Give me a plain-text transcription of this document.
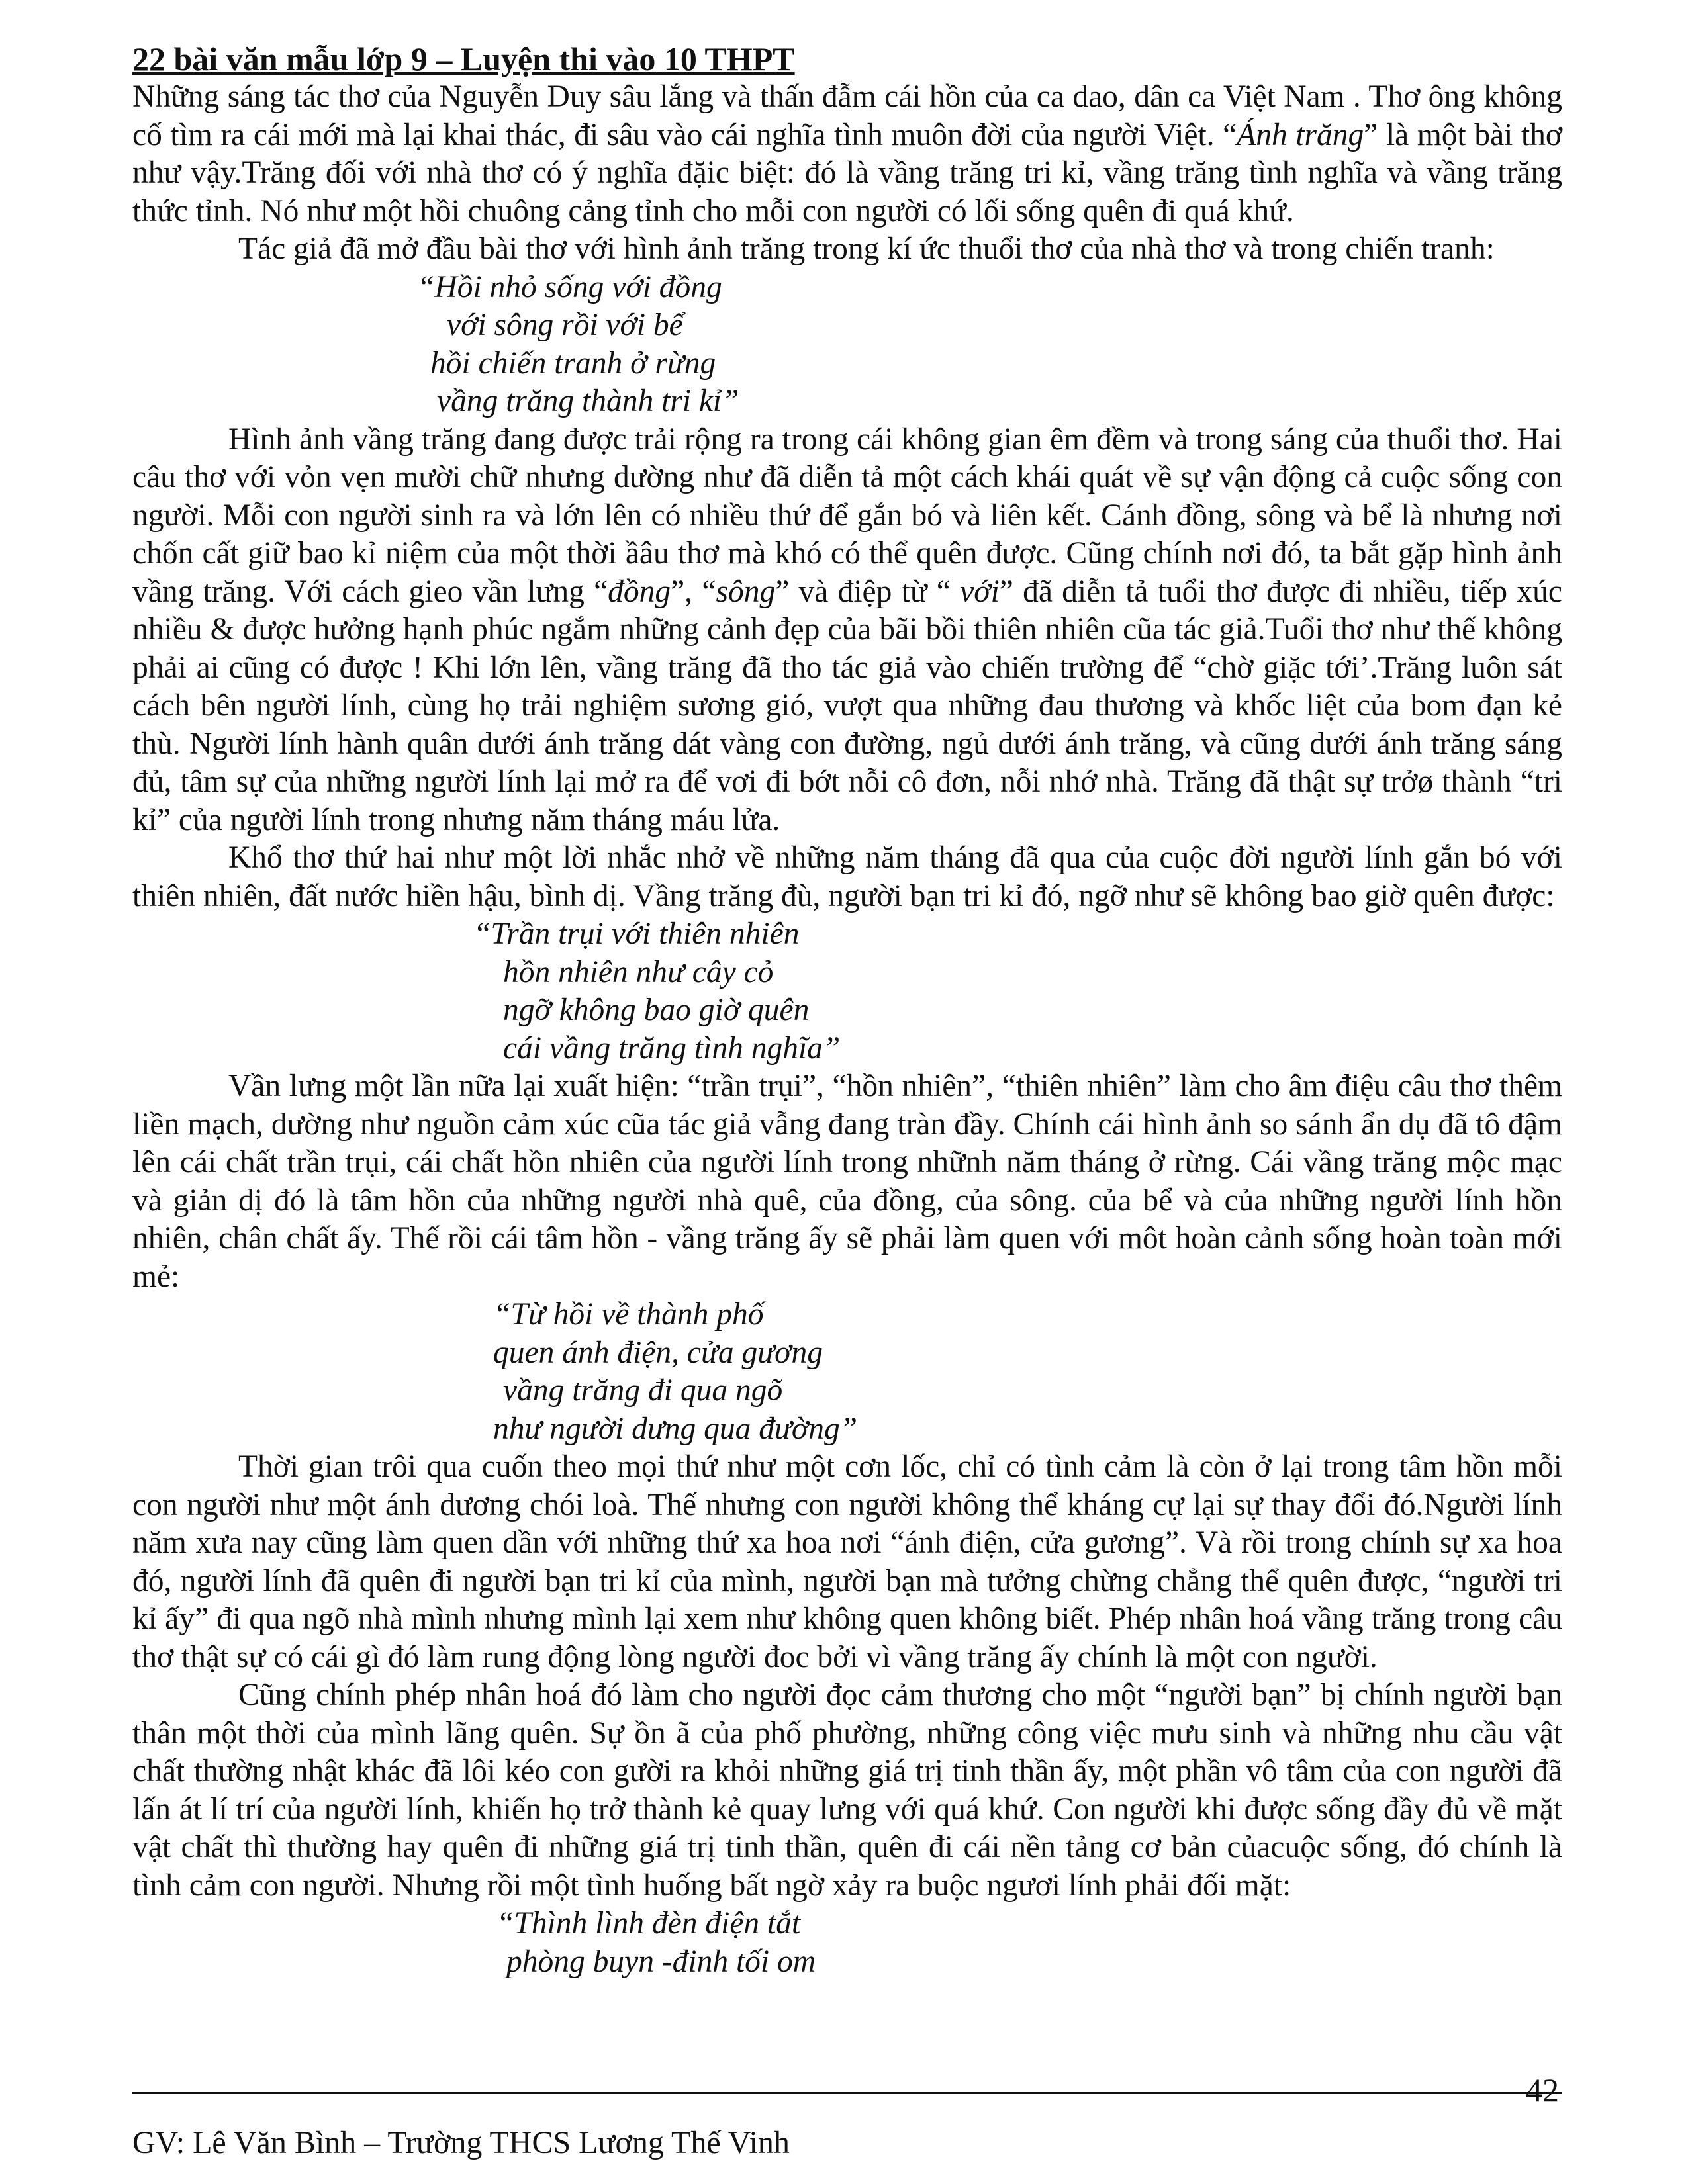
22 bài văn mẫu lớp 9 – Luyện thi vào 10 THPT

Những sáng tác thơ của Nguyễn Duy sâu lắng và thấn đẫm cái hồn của ca dao, dân ca Việt Nam . Thơ ông không cố tìm ra cái mới mà lại khai thác, đi sâu vào cái nghĩa tình muôn đời của người Việt. “Ánh trăng” là một bài thơ như vậy.Trăng đối với nhà thơ có ý nghĩa đặic biệt: đó là vầng trăng tri kỉ, vầng trăng tình nghĩa và vầng trăng thức tỉnh. Nó như một hồi chuông cảng tỉnh cho mỗi con người có lối sống quên đi quá khứ.

Tác giả đã mở đầu bài thơ với hình ảnh trăng trong kí ức thuổi thơ của nhà thơ và trong chiến tranh:

“Hồi nhỏ sống với đồng
với sông rồi với bể
hồi chiến tranh ở rừng
vầng trăng thành tri kỉ”

Hình ảnh vầng trăng đang được trải rộng ra trong cái không gian êm đềm và trong sáng của thuổi thơ. Hai câu thơ với vỏn vẹn mười chữ nhưng dường như đã diễn tả một cách khái quát về sự vận động cả cuộc sống con người. Mỗi con người sinh ra và lớn lên có nhiều thứ để gắn bó và liên kết. Cánh đồng, sông và bể là nhưng nơi chốn cất giữ bao kỉ niệm của một thời ầâu thơ mà khó có thể quên được. Cũng chính nơi đó, ta bắt gặp hình ảnh vầng trăng. Với cách gieo vần lưng “đồng”, “sông” và điệp từ “ với” đã diễn tả tuổi thơ được đi nhiều, tiếp xúc nhiều & được hưởng hạnh phúc ngắm những cảnh đẹp của bãi bồi thiên nhiên cũa tác giả.Tuổi thơ như thế không phải ai cũng có được ! Khi lớn lên, vầng trăng đã tho tác giả vào chiến trường để “chờ giặc tới’.Trăng luôn sát cách bên người lính, cùng họ trải nghiệm sương gió, vượt qua những đau thương và khốc liệt của bom đạn kẻ thù. Người lính hành quân dưới ánh trăng dát vàng con đường, ngủ dưới ánh trăng, và cũng dưới ánh trăng sáng đủ, tâm sự của những người lính lại mở ra để vơi đi bớt nỗi cô đơn, nỗi nhớ nhà. Trăng đã thật sự trởø thành “tri kỉ” của người lính trong nhưng năm tháng máu lửa.

Khổ thơ thứ hai như một lời nhắc nhở về những năm tháng đã qua của cuộc đời người lính gắn bó với thiên nhiên, đất nước hiền hậu, bình dị. Vầng trăng đù, người bạn tri kỉ đó, ngỡ như sẽ không bao giờ quên được:

“Trần trụi với thiên nhiên
hồn nhiên như cây cỏ
ngỡ không bao giờ quên
cái vầng trăng tình nghĩa”

Vần lưng một lần nữa lại xuất hiện: “trần trụi”, “hồn nhiên”, “thiên nhiên” làm cho âm điệu câu thơ thêm liền mạch, dường như nguồn cảm xúc cũa tác giả vẫng đang tràn đầy. Chính cái hình ảnh so sánh ẩn dụ đã tô đậm lên cái chất trần trụi, cái chất hồn nhiên của người lính trong nhữnh năm tháng ở rừng. Cái vầng trăng mộc mạc và giản dị đó là tâm hồn của những người nhà quê, của đồng, của sông. của bể và của những người lính hồn nhiên, chân chất ấy. Thế rồi cái tâm hồn - vầng trăng ấy sẽ phải làm quen với môt hoàn cảnh sống hoàn toàn mới mẻ:

“Từ hồi về thành phố
quen ánh điện, cửa gương
vầng trăng đi qua ngõ
như người dưng qua đường”

Thời gian trôi qua cuốn theo mọi thứ như một cơn lốc, chỉ có tình cảm là còn ở lại trong tâm hồn mỗi con người như một ánh dương chói loà. Thế nhưng con người không thể kháng cự lại sự thay đổi đó.Người lính năm xưa nay cũng làm quen dần với những thứ xa hoa nơi “ánh điện, cửa gương”. Và rồi trong chính sự xa hoa đó, người lính đã quên đi người bạn tri kỉ của mình, người bạn mà tưởng chừng chẳng thể quên được, “người tri kỉ ấy” đi qua ngõ nhà mình nhưng mình lại xem như không quen không biết. Phép nhân hoá vầng trăng trong câu thơ thật sự có cái gì đó làm rung động lòng người đoc bởi vì vầng trăng ấy chính là một con người.

Cũng chính phép nhân hoá đó làm cho người đọc cảm thương cho một “người bạn” bị chính người bạn thân một thời của mình lãng quên. Sự ồn ã của phố phường, những công việc mưu sinh và những nhu cầu vật chất thường nhật khác đã lôi kéo con gười ra khỏi những giá trị tinh thần ấy, một phần vô tâm của con người đã lấn át lí trí của người lính, khiến họ trở thành kẻ quay lưng với quá khứ. Con người khi được sống đầy đủ về mặt vật chất thì thường hay quên đi những giá trị tinh thần, quên đi cái nền tảng cơ bản củacuộc sống, đó chính là tình cảm con người. Nhưng rồi một tình huống bất ngờ xảy ra buộc ngươi lính phải đối mặt:

“Thình lình đèn điện tắt
phòng buyn -đinh tối om
42
GV: Lê Văn Bình – Trường THCS Lương Thế Vinh
